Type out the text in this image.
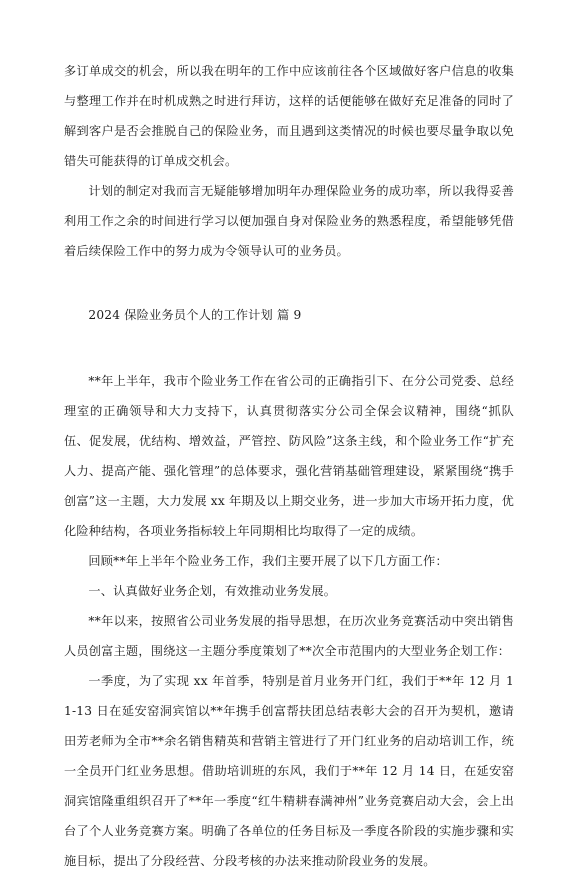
多订单成交的机会，所以我在明年的工作中应该前往各个区域做好客户信息的收集与整理工作并在时机成熟之时进行拜访，这样的话便能够在做好充足准备的同时了解到客户是否会推脱自己的保险业务，而且遇到这类情况的时候也要尽量争取以免错失可能获得的订单成交机会。

计划的制定对我而言无疑能够增加明年办理保险业务的成功率，所以我得妥善利用工作之余的时间进行学习以便加强自身对保险业务的熟悉程度，希望能够凭借着后续保险工作中的努力成为令领导认可的业务员。

2024 保险业务员个人的工作计划 篇 9

**年上半年，我市个险业务工作在省公司的正确指引下、在分公司党委、总经理室的正确领导和大力支持下，认真贯彻落实分公司全保会议精神，围绕“抓队伍、促发展，优结构、增效益，严管控、防风险”这条主线，和个险业务工作“扩充人力、提高产能、强化管理”的总体要求，强化营销基础管理建设，紧紧围绕“携手创富”这一主题，大力发展 xx 年期及以上期交业务，进一步加大市场开拓力度，优化险种结构，各项业务指标较上年同期相比均取得了一定的成绩。

回顾**年上半年个险业务工作，我们主要开展了以下几方面工作：

一、认真做好业务企划，有效推动业务发展。

**年以来，按照省公司业务发展的指导思想，在历次业务竞赛活动中突出销售人员创富主题，围绕这一主题分季度策划了**次全市范围内的大型业务企划工作：

一季度，为了实现 xx 年首季，特别是首月业务开门红，我们于**年 12 月 11-13 日在延安窑洞宾馆以**年携手创富帮扶团总结表彰大会的召开为契机，邀请田芳老师为全市**余名销售精英和营销主管进行了开门红业务的启动培训工作，统一全员开门红业务思想。借助培训班的东风，我们于**年 12 月 14 日，在延安窑洞宾馆隆重组织召开了**年一季度“红牛精耕春满神州”业务竞赛启动大会，会上出台了个人业务竞赛方案。明确了各单位的任务目标及一季度各阶段的实施步骤和实施目标，提出了分段经营、分段考核的办法来推动阶段业务的发展。
